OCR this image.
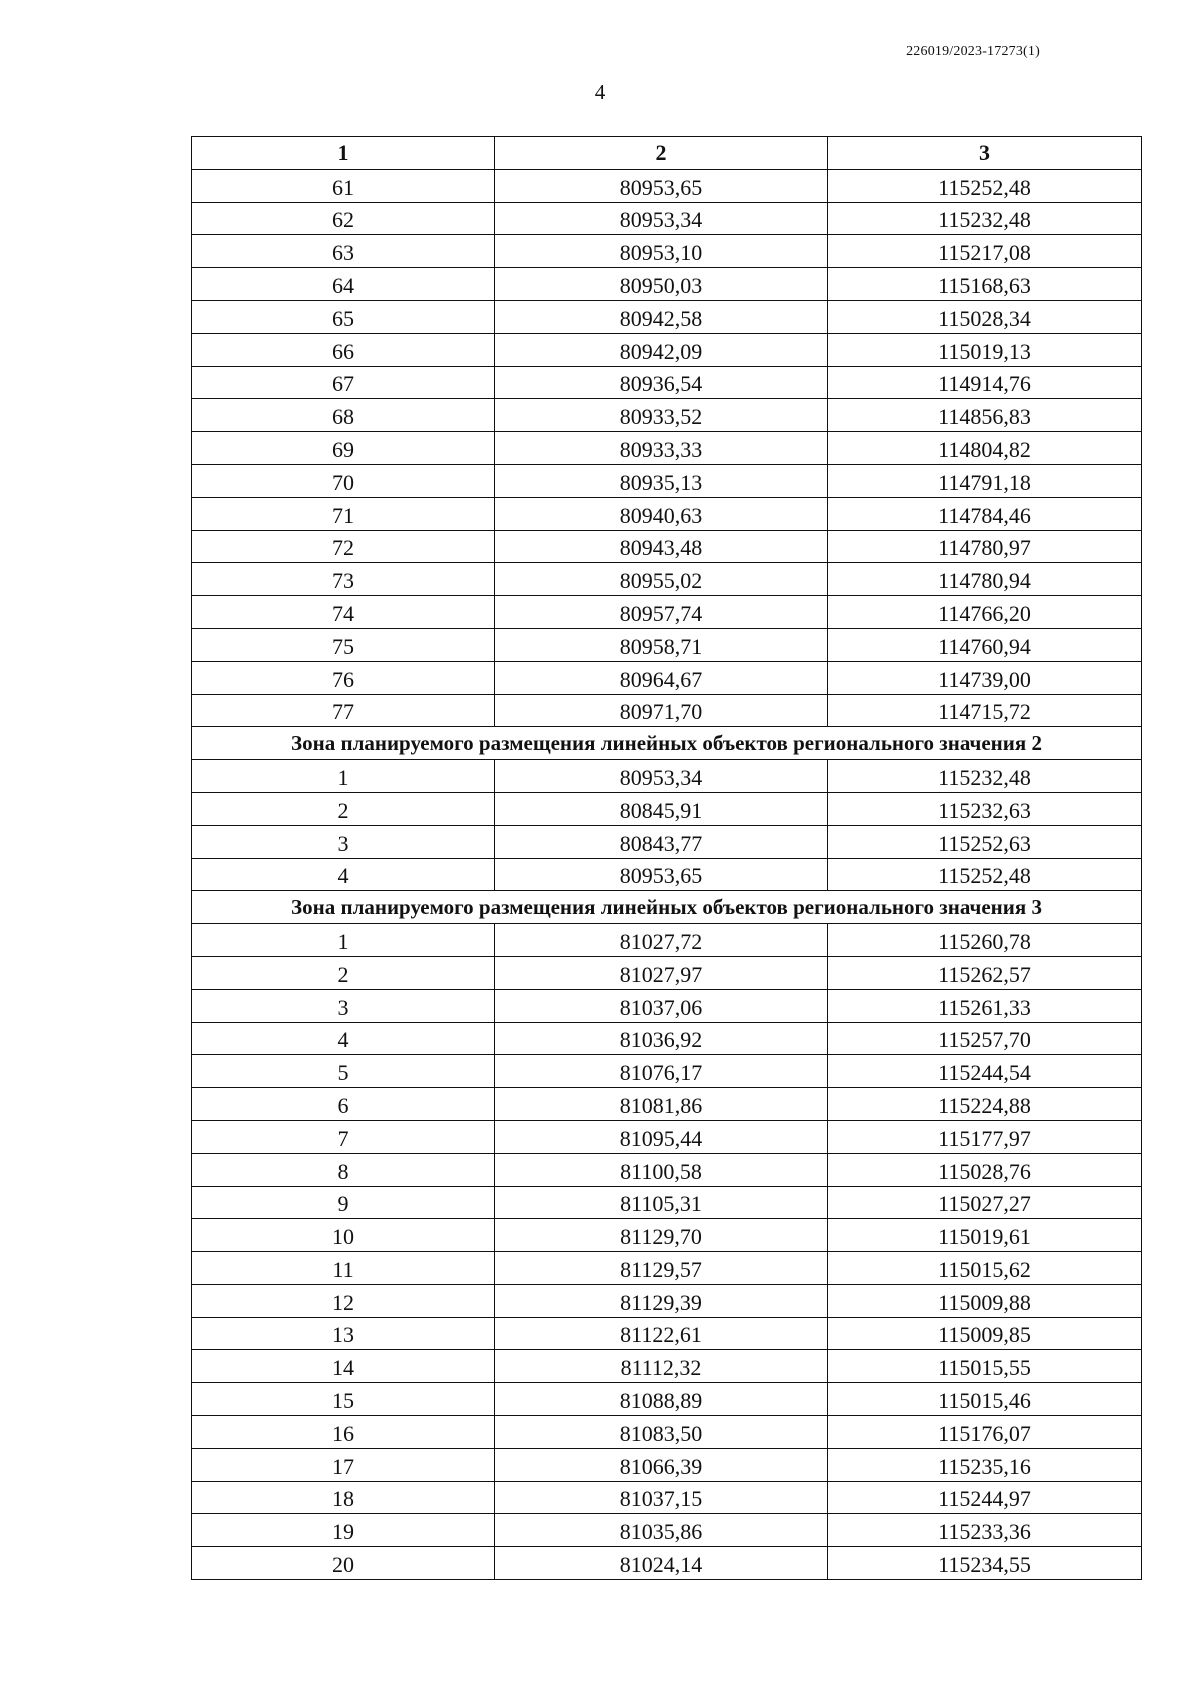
226019/2023-17273(1)
4
1	2	3
61	80953,65	115252,48
62	80953,34	115232,48
63	80953,10	115217,08
64	80950,03	115168,63
65	80942,58	115028,34
66	80942,09	115019,13
67	80936,54	114914,76
68	80933,52	114856,83
69	80933,33	114804,82
70	80935,13	114791,18
71	80940,63	114784,46
72	80943,48	114780,97
73	80955,02	114780,94
74	80957,74	114766,20
75	80958,71	114760,94
76	80964,67	114739,00
77	80971,70	114715,72
Зона планируемого размещения линейных объектов регионального значения 2		
1	80953,34	115232,48
2	80845,91	115232,63
3	80843,77	115252,63
4	80953,65	115252,48
Зона планируемого размещения линейных объектов регионального значения 3		
1	81027,72	115260,78
2	81027,97	115262,57
3	81037,06	115261,33
4	81036,92	115257,70
5	81076,17	115244,54
6	81081,86	115224,88
7	81095,44	115177,97
8	81100,58	115028,76
9	81105,31	115027,27
10	81129,70	115019,61
11	81129,57	115015,62
12	81129,39	115009,88
13	81122,61	115009,85
14	81112,32	115015,55
15	81088,89	115015,46
16	81083,50	115176,07
17	81066,39	115235,16
18	81037,15	115244,97
19	81035,86	115233,36
20	81024,14	115234,55
